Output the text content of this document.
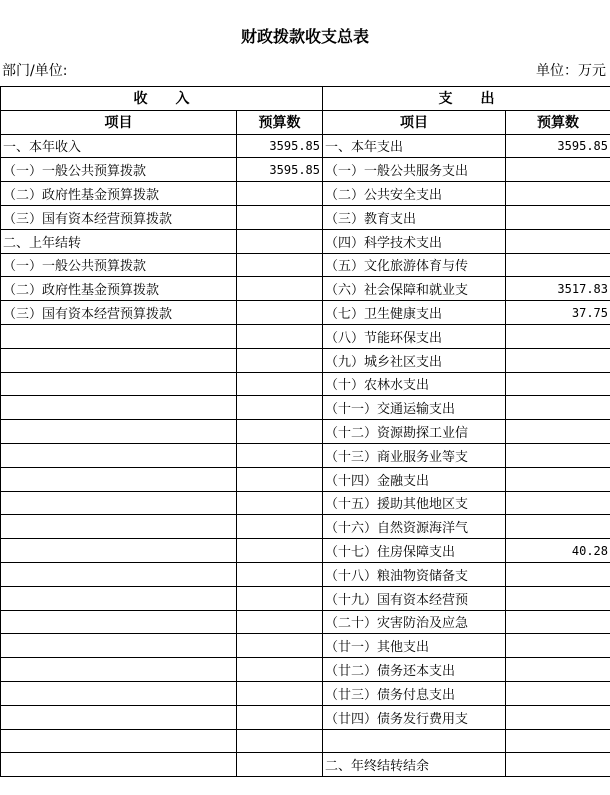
财政拨款收支总表
部门/单位:	单位：万元
收　　入		支　　出	
项目	预算数	项目	预算数
一、本年收入	3595.85	一、本年支出	3595.85
（一）一般公共预算拨款	3595.85	（一）一般公共服务支出	
（二）政府性基金预算拨款		（二）公共安全支出	
（三）国有资本经营预算拨款		（三）教育支出	
二、上年结转		（四）科学技术支出	
（一）一般公共预算拨款		（五）文化旅游体育与传	
（二）政府性基金预算拨款		（六）社会保障和就业支	3517.83
（三）国有资本经营预算拨款		（七）卫生健康支出	37.75
		（八）节能环保支出	
		（九）城乡社区支出	
		（十）农林水支出	
		（十一）交通运输支出	
		（十二）资源勘探工业信	
		（十三）商业服务业等支	
		（十四）金融支出	
		（十五）援助其他地区支	
		（十六）自然资源海洋气	
		（十七）住房保障支出	40.28
		（十八）粮油物资储备支	
		（十九）国有资本经营预	
		（二十）灾害防治及应急	
		（廿一）其他支出	
		（廿二）债务还本支出	
		（廿三）债务付息支出	
		（廿四）债务发行费用支	

		二、年终结转结余	
